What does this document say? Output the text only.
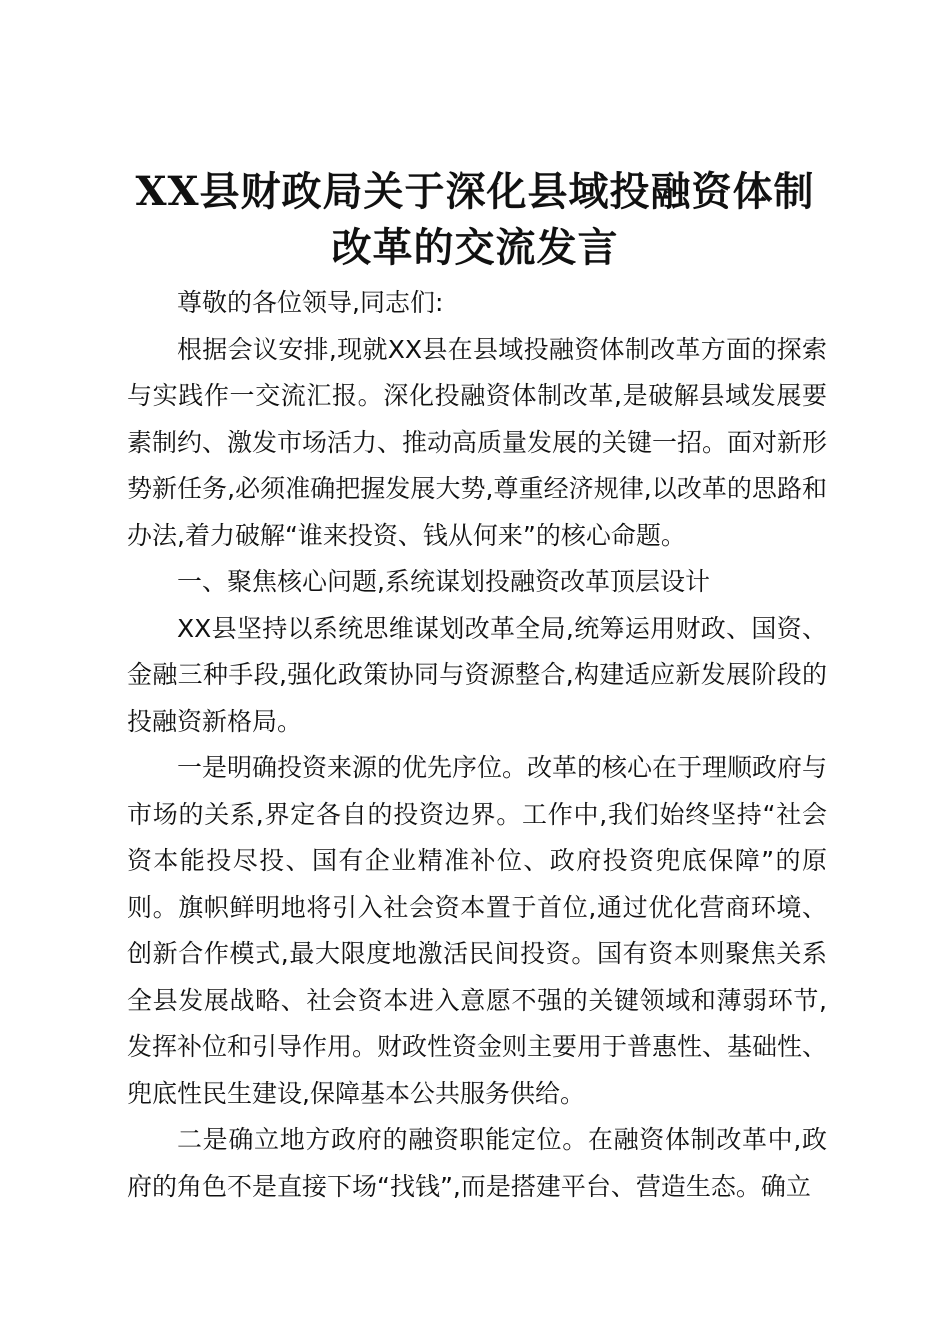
XX县财政局关于深化县域投融资体制
改革的交流发言

尊敬的各位领导,同志们:

根据会议安排,现就XX县在县域投融资体制改革方面的探索与实践作一交流汇报。深化投融资体制改革,是破解县域发展要素制约、激发市场活力、推动高质量发展的关键一招。面对新形势新任务,必须准确把握发展大势,尊重经济规律,以改革的思路和办法,着力破解“谁来投资、钱从何来”的核心命题。

一、聚焦核心问题,系统谋划投融资改革顶层设计

XX县坚持以系统思维谋划改革全局,统筹运用财政、国资、金融三种手段,强化政策协同与资源整合,构建适应新发展阶段的投融资新格局。

一是明确投资来源的优先序位。改革的核心在于理顺政府与市场的关系,界定各自的投资边界。工作中,我们始终坚持“社会资本能投尽投、国有企业精准补位、政府投资兜底保障”的原则。旗帜鲜明地将引入社会资本置于首位,通过优化营商环境、创新合作模式,最大限度地激活民间投资。国有资本则聚焦关系全县发展战略、社会资本进入意愿不强的关键领域和薄弱环节,发挥补位和引导作用。财政性资金则主要用于普惠性、基础性、兜底性民生建设,保障基本公共服务供给。

二是确立地方政府的融资职能定位。在融资体制改革中,政府的角色不是直接下场“找钱”,而是搭建平台、营造生态。确立
